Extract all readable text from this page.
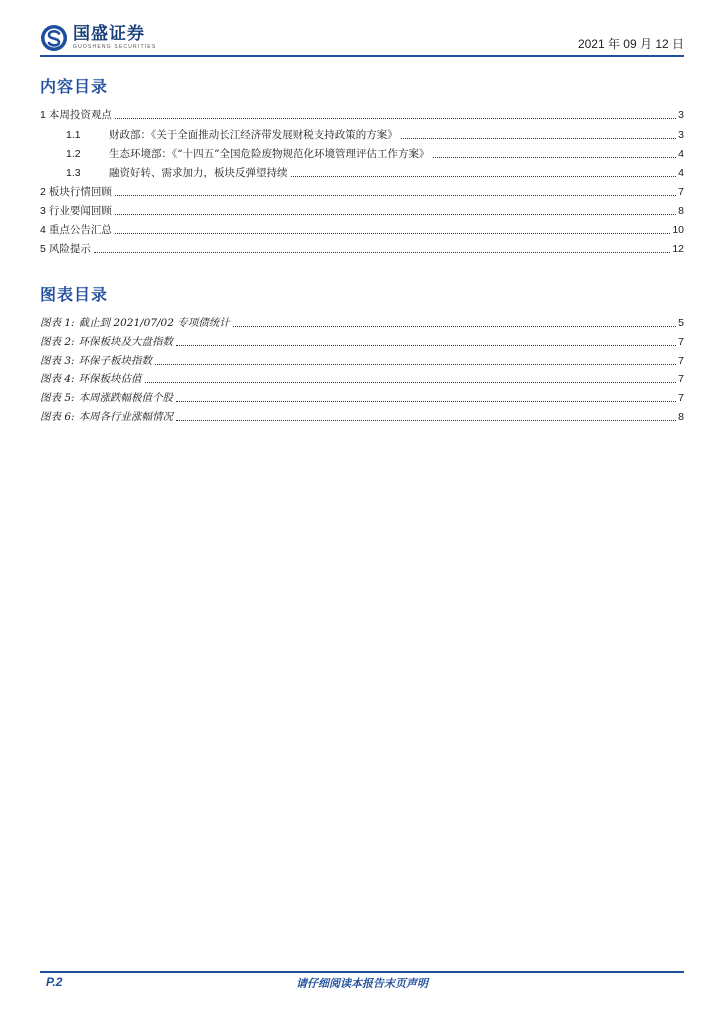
国盛证券
GUOSHENG SECURITIES	2021 年 09 月 12 日
内容目录
1 本周投资观点	3
1.1	财政部：《关于全面推动长江经济带发展财税支持政策的方案》	3
1.2	生态环境部：《“十四五”全国危险废物规范化环境管理评估工作方案》	4
1.3	融资好转、需求加力，板块反弹望持续	4
2 板块行情回顾	7
3 行业要闻回顾	8
4 重点公告汇总	10
5 风险提示	12
图表目录
图表 1: 截止到 2021/07/02 专项债统计	5
图表 2: 环保板块及大盘指数	7
图表 3: 环保子板块指数	7
图表 4: 环保板块估值	7
图表 5: 本周涨跌幅极值个股	7
图表 6: 本周各行业涨幅情况	8
请仔细阅读本报告末页声明
P.2
